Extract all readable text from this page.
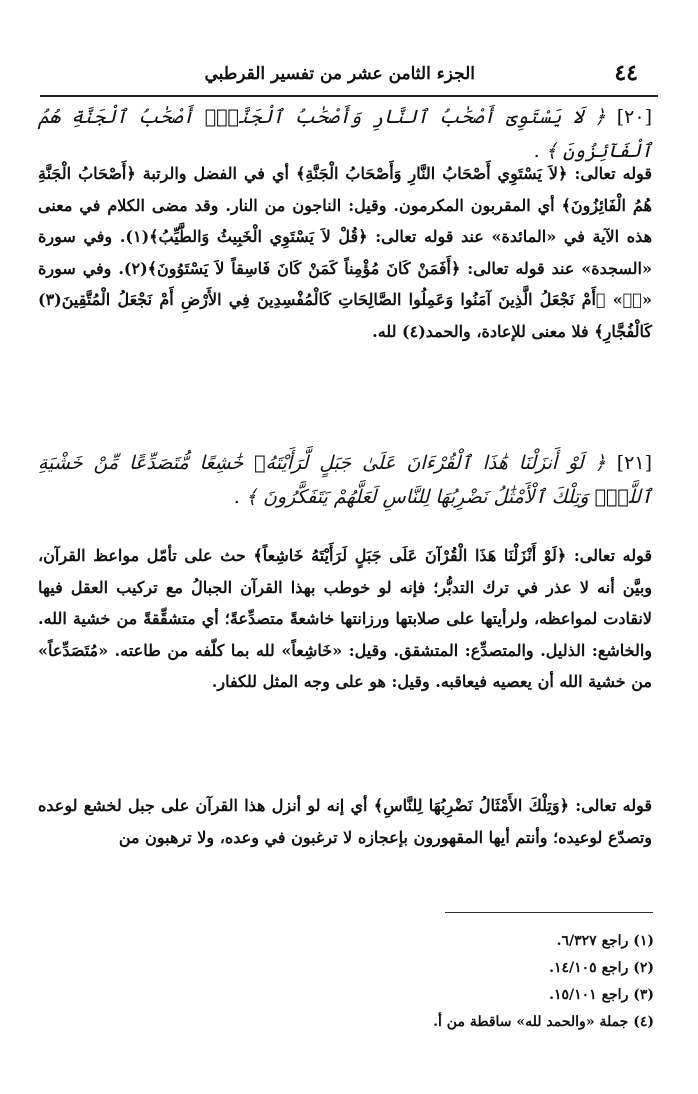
٤٤
الجزء الثامن عشر من تفسير القرطبي
[٢٠] ﴿ لَا يَسْتَوِىٓ أَصْحَٰبُ ٱلنَّارِ وَأَصْحَٰبُ ٱلْجَنَّةِۚ أَصْحَٰبُ ٱلْجَنَّةِ هُمُ ٱلْفَآئِزُونَ ﴾ .
قوله تعالى: ﴿لاَ يَسْتَوِي أَصْحَابُ النَّارِ وَأَصْحَابُ الْجَنَّةِ﴾ أي في الفضل والرتبة ﴿أَصْحَابُ الْجَنَّةِ هُمُ الْفَائِزُونَ﴾ أي المقربون المكرمون. وقيل: الناجون من النار. وقد مضى الكلام في معنى هذه الآية في «المائدة» عند قوله تعالى: ﴿قُلْ لاَ يَسْتَوِي الْخَبِيثُ وَالطَّيِّبُ﴾(١). وفي سورة «السجدة» عند قوله تعالى: ﴿أَفَمَنْ كَانَ مُؤْمِناً كَمَنْ كَانَ فَاسِقاً لاَ يَسْتَوُونَ﴾(٢). وفي سورة «صۤ» ﴿أَمْ نَجْعَلُ الَّذِينَ آمَنُوا وَعَمِلُوا الصَّالِحَاتِ كَالْمُفْسِدِينَ فِي الأَرْضِ أَمْ نَجْعَلُ الْمُتَّقِينَ(٣) كَالْفُجَّارِ﴾ فلا معنى للإعادة، والحمد(٤) لله.
[٢١] ﴿ لَوْ أَنزَلْنَا هَٰذَا ٱلْقُرْءَانَ عَلَىٰ جَبَلٍ لَّرَأَيْتَهُۥ خَٰشِعًا مُّتَصَدِّعًا مِّنْ خَشْيَةِ ٱللَّهِۚ وَتِلْكَ ٱلْأَمْثَٰلُ نَضْرِبُهَا لِلنَّاسِ لَعَلَّهُمْ يَتَفَكَّرُونَ ﴾ .
قوله تعالى: ﴿لَوْ أَنْزَلْنَا هَذَا الْقُرْآنَ عَلَى جَبَلٍ لَرَأَيْتَهُ خَاشِعاً﴾ حث على تأمّل مواعظ القرآن، وبيَّن أنه لا عذر في ترك التدبُّر؛ فإنه لو خوطب بهذا القرآن الجبالُ مع تركيب العقل فيها لانقادت لمواعظه، ولرأيتها على صلابتها ورزانتها خاشعةً متصدِّعةً؛ أي متشقِّقةً من خشية الله. والخاشع: الذليل. والمتصدِّع: المتشقق. وقيل: «خَاشِعاً» لله بما كلّفه من طاعته. «مُتَصَدِّعاً» من خشية الله أن يعصيه فيعاقبه. وقيل: هو على وجه المثل للكفار.
قوله تعالى: ﴿وَتِلْكَ الأَمْثَالُ نَضْرِبُهَا لِلنَّاسِ﴾ أي إنه لو أنزل هذا القرآن على جبل لخشع لوعده وتصدّع لوعيده؛ وأنتم أيها المقهورون بإعجازه لا ترغبون في وعده، ولا ترهبون من
(١) راجع ٦/٣٢٧.
(٢) راجع ١٤/١٠٥.
(٣) راجع ١٥/١٠١.
(٤) جملة «والحمد لله» ساقطة من أ.
